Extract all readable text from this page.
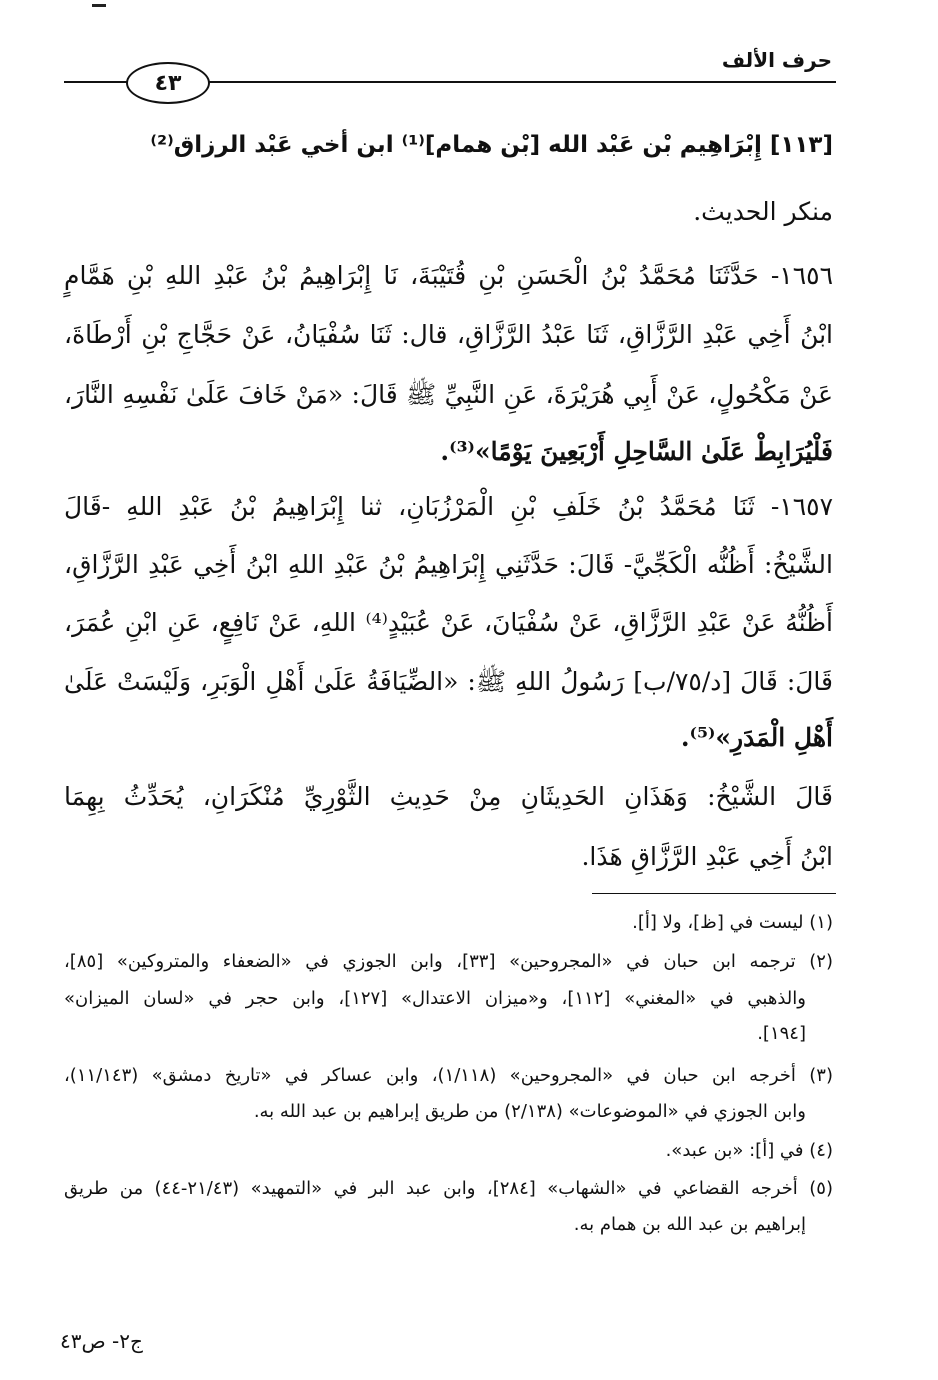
حرف الألف
٤٣
[١١٣] إِبْرَاهِيم بْن عَبْد الله [بْن همام]⁽¹⁾ ابن أخي عَبْد الرزاق⁽²⁾
منكر الحديث.
١٦٥٦- حَدَّثَنَا مُحَمَّدُ بْنُ الْحَسَنِ بْنِ قُتَيْبَةَ، نَا إِبْرَاهِيمُ بْنُ عَبْدِ اللهِ بْنِ هَمَّامٍ
ابْنُ أَخِي عَبْدِ الرَّزَّاقِ، ثَنَا عَبْدُ الرَّزَّاقِ، قال: ثَنَا سُفْيَانُ، عَنْ حَجَّاجِ بْنِ أَرْطَاةَ،
عَنْ مَكْحُولٍ، عَنْ أَبِي هُرَيْرَةَ، عَنِ النَّبِيِّ ﷺ قَالَ: «مَنْ خَافَ عَلَىٰ نَفْسِهِ النَّارَ،
فَلْيُرَابِطْ عَلَىٰ السَّاحِلِ أَرْبَعِينَ يَوْمًا»⁽³⁾.
١٦٥٧- ثَنَا مُحَمَّدُ بْنُ خَلَفِ بْنِ الْمَرْزُبَانِ، ثنا إِبْرَاهِيمُ بْنُ عَبْدِ اللهِ -قَالَ
الشَّيْخُ: أَظُنُّه الْكَجِّيَّ- قَالَ: حَدَّثَنِي إِبْرَاهِيمُ بْنُ عَبْدِ اللهِ ابْنُ أَخِي عَبْدِ الرَّزَّاقِ،
أَظُنُّهُ عَنْ عَبْدِ الرَّزَّاقِ، عَنْ سُفْيَانَ، عَنْ عُبَيْدٍ⁽⁴⁾ اللهِ، عَنْ نَافِعٍ، عَنِ ابْنِ عُمَرَ،
قَالَ: قَالَ [د/٧٥/ب] رَسُولُ اللهِ ﷺ: «الضِّيَافَةُ عَلَىٰ أَهْلِ الْوَبَرِ، وَلَيْسَتْ عَلَىٰ
أَهْلِ الْمَدَرِ»⁽⁵⁾.
قَالَ الشَّيْخُ: وَهَذَانِ الحَدِيثَانِ مِنْ حَدِيثِ الثَّوْرِيِّ مُنْكَرَانِ، يُحَدِّثُ بِهِمَا
ابْنُ أَخِي عَبْدِ الرَّزَّاقِ هَذَا.
(١) ليست في [ظ]، ولا [أ].
(٢) ترجمه ابن حبان في «المجروحين» [٣٣]، وابن الجوزي في «الضعفاء والمتروكين» [٨٥]،
والذهبي في «المغني» [١١٢]، و«ميزان الاعتدال» [١٢٧]، وابن حجر في «لسان الميزان»
[١٩٤].
(٣) أخرجه ابن حبان في «المجروحين» (١/١١٨)، وابن عساكر في «تاريخ دمشق» (١١/١٤٣)،
وابن الجوزي في «الموضوعات» (٢/١٣٨) من طريق إبراهيم بن عبد الله به.
(٤) في [أ]: «بن عبد».
(٥) أخرجه القضاعي في «الشهاب» [٢٨٤]، وابن عبد البر في «التمهيد» (٢١/٤٣-٤٤) من طريق
إبراهيم بن عبد الله بن همام به.
ج٢- ص٤٣
